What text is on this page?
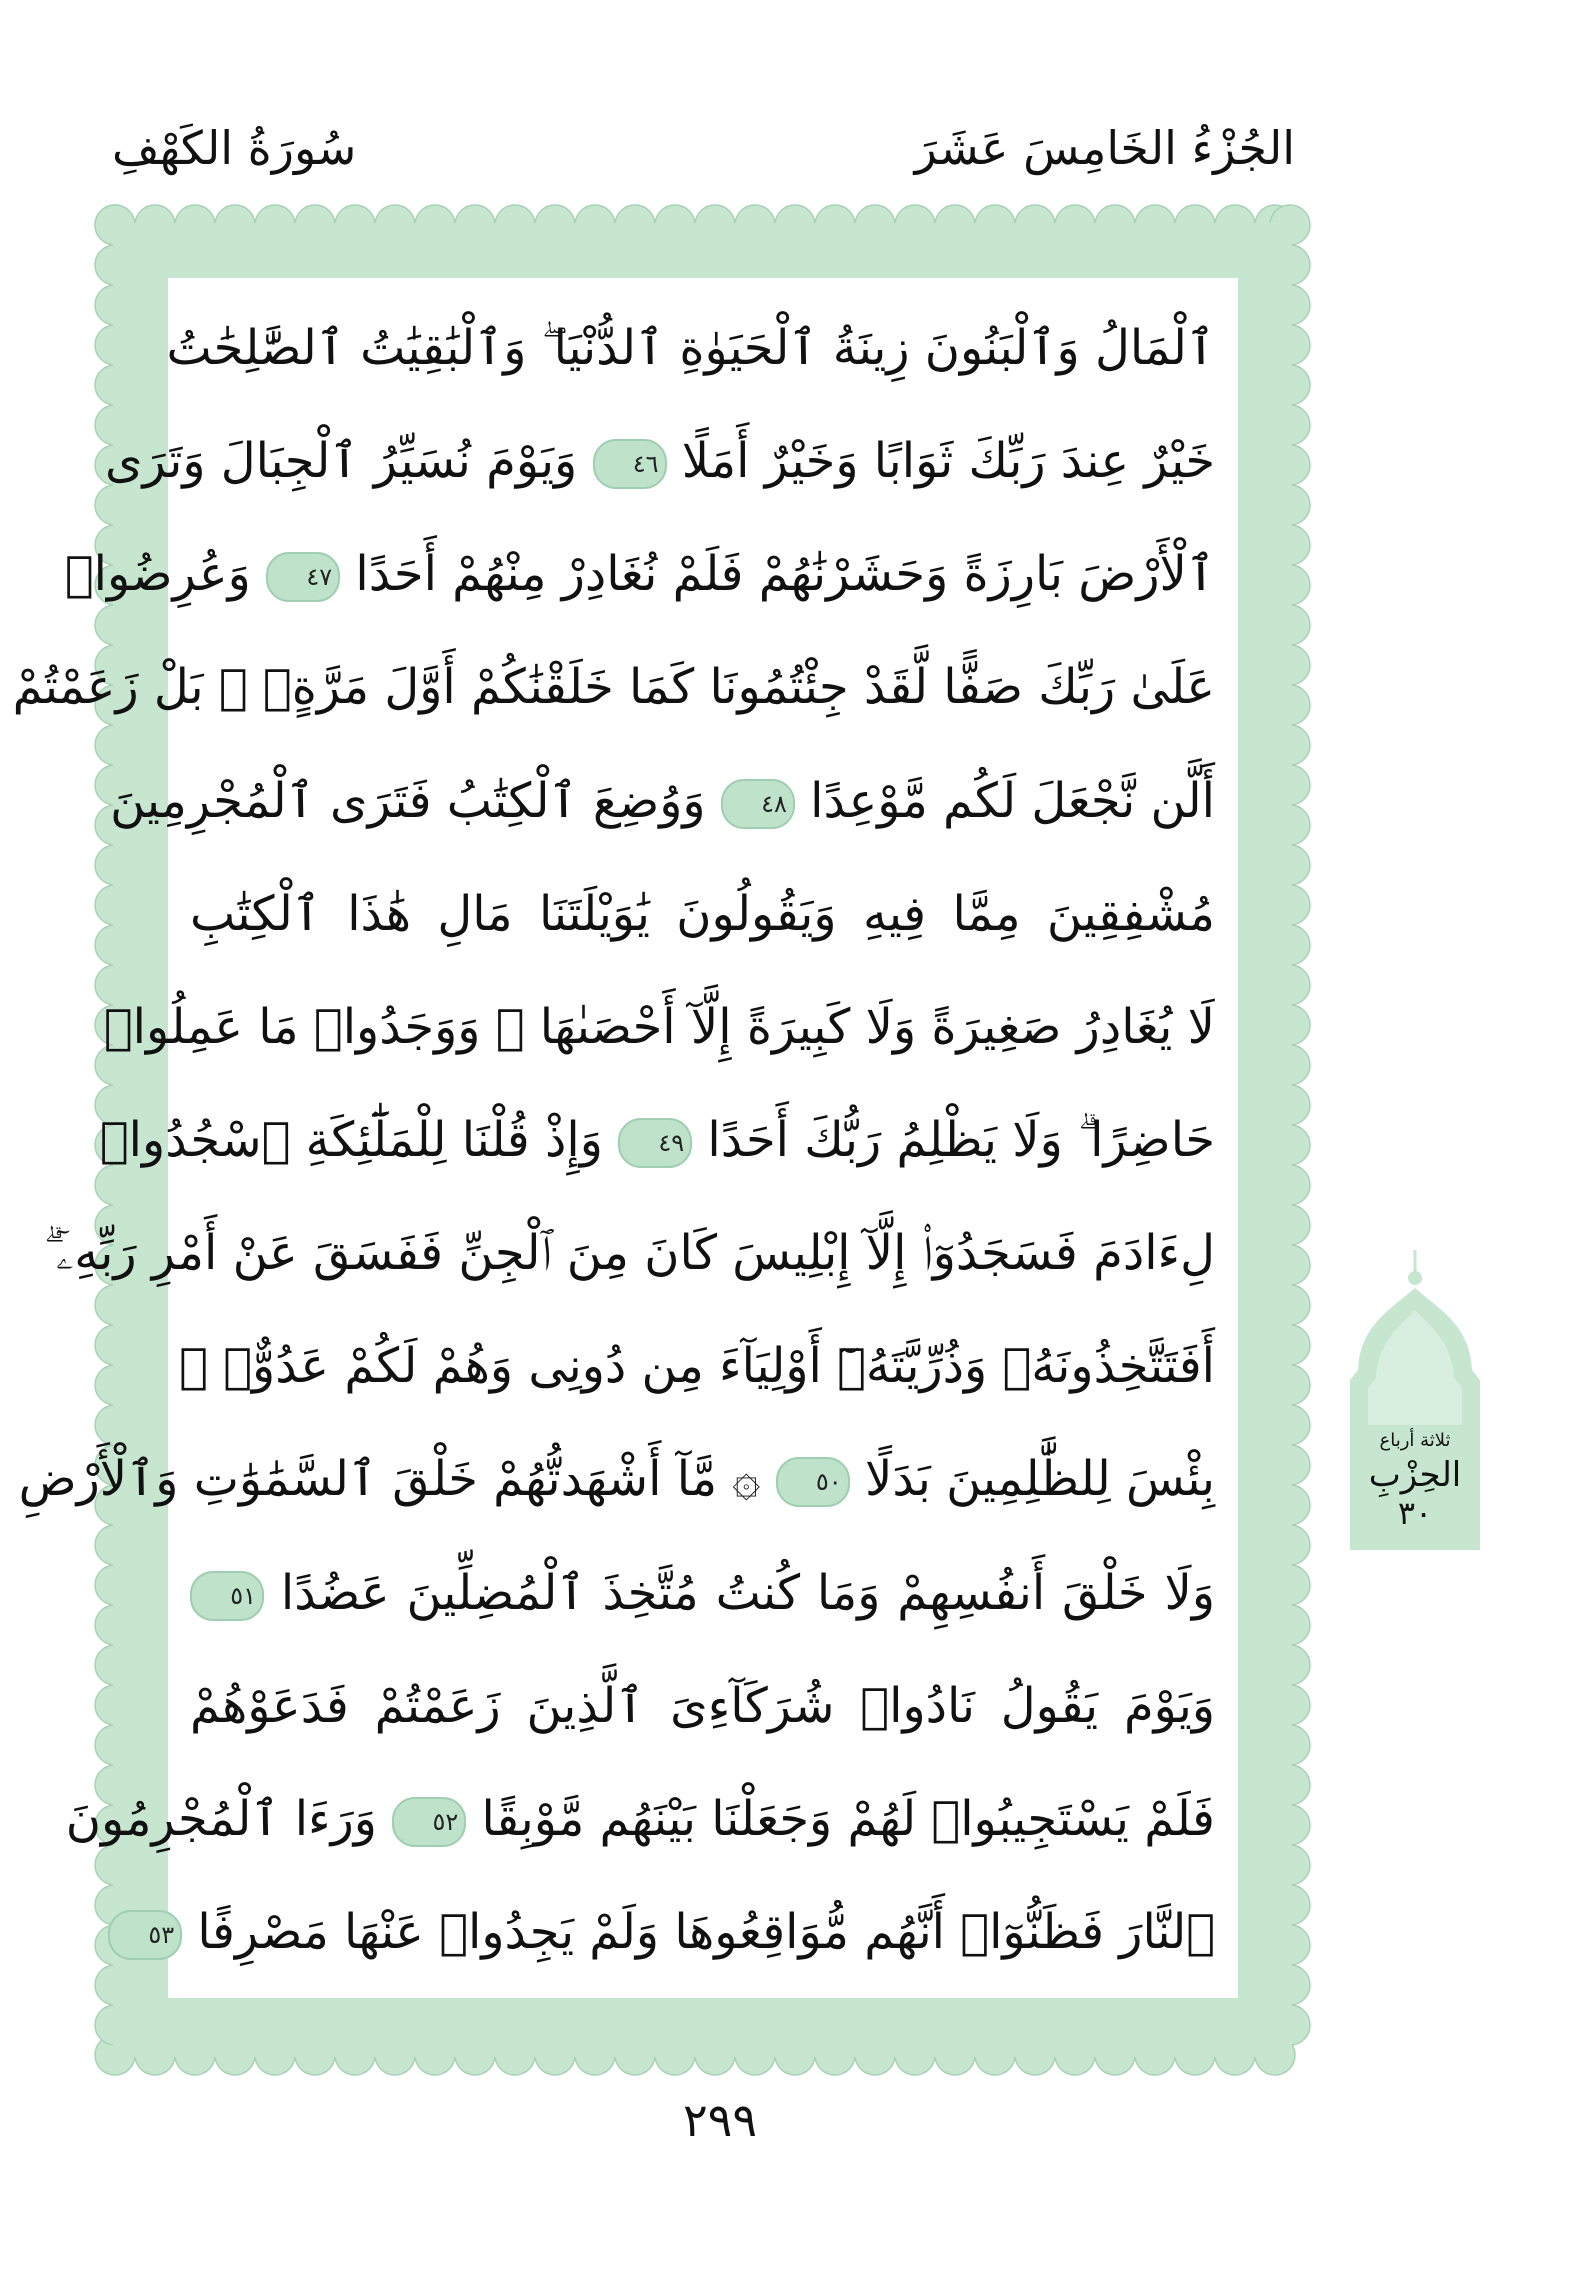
الجُزْءُ الخَامِسَ عَشَرَ
سُورَةُ الكَهْفِ
ٱلْمَالُ وَٱلْبَنُونَ زِينَةُ ٱلْحَيَوٰةِ ٱلدُّنْيَا ۖ وَٱلْبَٰقِيَٰتُ ٱلصَّٰلِحَٰتُ
خَيْرٌ عِندَ رَبِّكَ ثَوَابًا وَخَيْرٌ أَمَلًا ٤٦ وَيَوْمَ نُسَيِّرُ ٱلْجِبَالَ وَتَرَى
ٱلْأَرْضَ بَارِزَةً وَحَشَرْنَٰهُمْ فَلَمْ نُغَادِرْ مِنْهُمْ أَحَدًا ٤٧ وَعُرِضُوا۟
عَلَىٰ رَبِّكَ صَفًّا لَّقَدْ جِئْتُمُونَا كَمَا خَلَقْنَٰكُمْ أَوَّلَ مَرَّةٍۭ ۚ بَلْ زَعَمْتُمْ
أَلَّن نَّجْعَلَ لَكُم مَّوْعِدًا ٤٨ وَوُضِعَ ٱلْكِتَٰبُ فَتَرَى ٱلْمُجْرِمِينَ
مُشْفِقِينَ مِمَّا فِيهِ وَيَقُولُونَ يَٰوَيْلَتَنَا مَالِ هَٰذَا ٱلْكِتَٰبِ
لَا يُغَادِرُ صَغِيرَةً وَلَا كَبِيرَةً إِلَّآ أَحْصَىٰهَا ۚ وَوَجَدُوا۟ مَا عَمِلُوا۟
حَاضِرًا ۗ وَلَا يَظْلِمُ رَبُّكَ أَحَدًا ٤٩ وَإِذْ قُلْنَا لِلْمَلَٰٓئِكَةِ ٱسْجُدُوا۟
لِءَادَمَ فَسَجَدُوٓا۟ إِلَّآ إِبْلِيسَ كَانَ مِنَ ٱلْجِنِّ فَفَسَقَ عَنْ أَمْرِ رَبِّهِۦٓ ۗ
أَفَتَتَّخِذُونَهُۥ وَذُرِّيَّتَهُۥٓ أَوْلِيَآءَ مِن دُونِى وَهُمْ لَكُمْ عَدُوٌّۢ ۚ
بِئْسَ لِلظَّٰلِمِينَ بَدَلًا ٥٠ ۞ مَّآ أَشْهَدتُّهُمْ خَلْقَ ٱلسَّمَٰوَٰتِ وَٱلْأَرْضِ
وَلَا خَلْقَ أَنفُسِهِمْ وَمَا كُنتُ مُتَّخِذَ ٱلْمُضِلِّينَ عَضُدًا ٥١
وَيَوْمَ يَقُولُ نَادُوا۟ شُرَكَآءِىَ ٱلَّذِينَ زَعَمْتُمْ فَدَعَوْهُمْ
فَلَمْ يَسْتَجِيبُوا۟ لَهُمْ وَجَعَلْنَا بَيْنَهُم مَّوْبِقًا ٥٢ وَرَءَا ٱلْمُجْرِمُونَ
ٱلنَّارَ فَظَنُّوٓا۟ أَنَّهُم مُّوَاقِعُوهَا وَلَمْ يَجِدُوا۟ عَنْهَا مَصْرِفًا ٥٣
ثلاثة أرباع
الحِزْبِ
٣٠
٢٩٩
